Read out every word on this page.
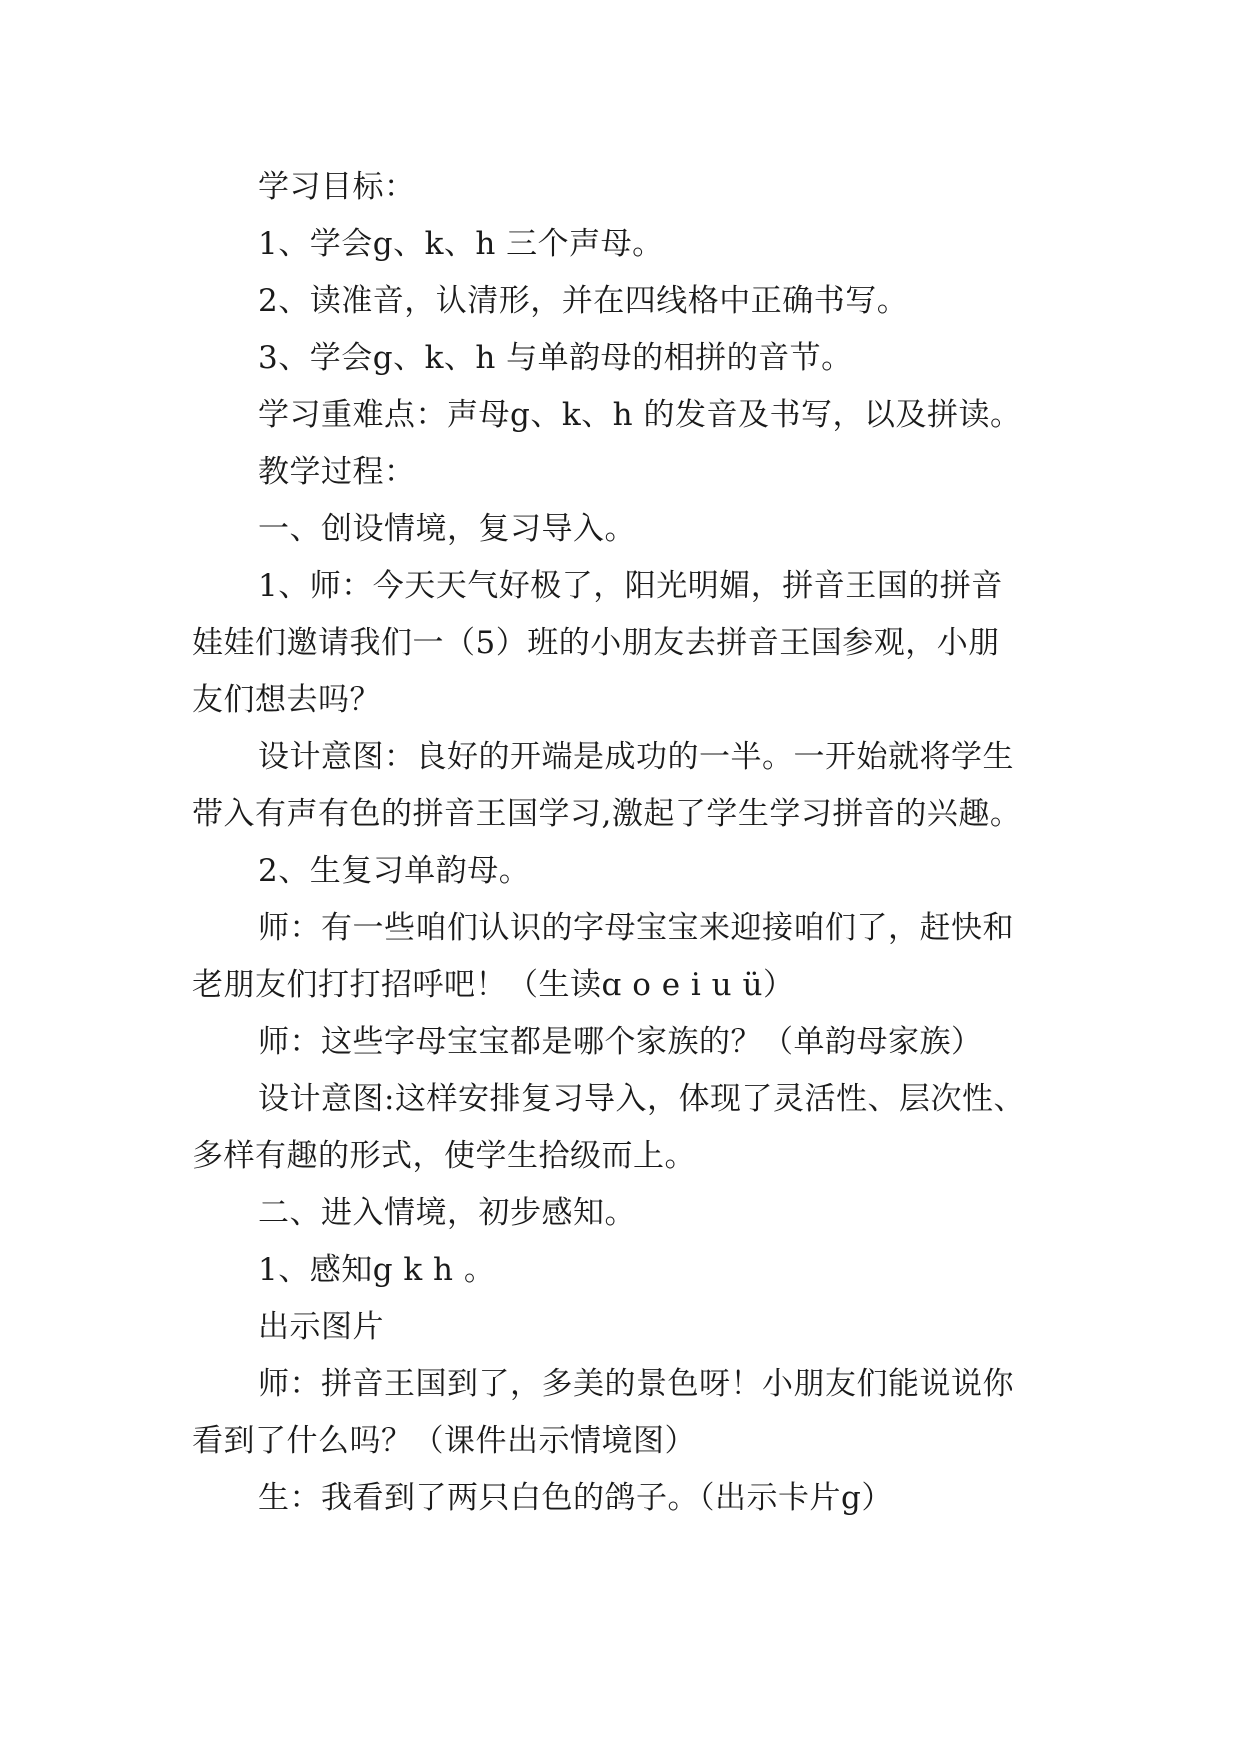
学习目标：
1、学会g、k、h 三个声母。
2、读准音，认清形，并在四线格中正确书写。
3、学会g、k、h 与单韵母的相拼的音节。
学习重难点：声母g、k、h 的发音及书写，以及拼读。
教学过程：
一、创设情境，复习导入。
1、师：今天天气好极了，阳光明媚，拼音王国的拼音
娃娃们邀请我们一（5）班的小朋友去拼音王国参观，小朋
友们想去吗？
设计意图：良好的开端是成功的一半。一开始就将学生
带入有声有色的拼音王国学习,激起了学生学习拼音的兴趣。
2、生复习单韵母。
师：有一些咱们认识的字母宝宝来迎接咱们了，赶快和
老朋友们打打招呼吧！（生读ɑ o e i u ü）
师：这些字母宝宝都是哪个家族的？（单韵母家族）
设计意图:这样安排复习导入，体现了灵活性、层次性、
多样有趣的形式，使学生拾级而上。
二、进入情境，初步感知。
1、感知g k h 。
出示图片
师：拼音王国到了，多美的景色呀！小朋友们能说说你
看到了什么吗？（课件出示情境图）
生：我看到了两只白色的鸽子。（出示卡片g）
